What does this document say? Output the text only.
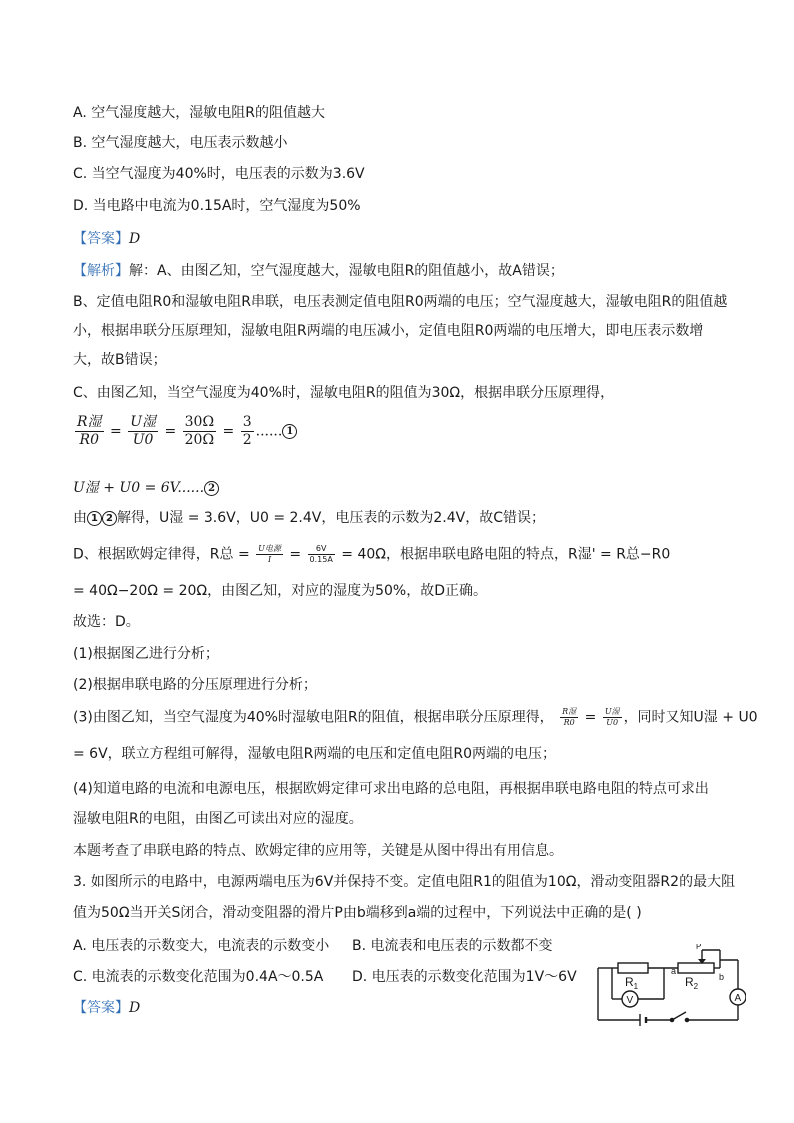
A. 空气湿度越大，湿敏电阻R的阻值越大
B. 空气湿度越大，电压表示数越小
C. 当空气湿度为40%时，电压表的示数为3.6V
D. 当电路中电流为0.15A时，空气湿度为50%
【答案】D
【解析】解：A、由图乙知，空气湿度越大，湿敏电阻R的阻值越小，故A错误；
B、定值电阻R0和湿敏电阻R串联，电压表测定值电阻R0两端的电压；空气湿度越大，湿敏电阻R的阻值越
小，根据串联分压原理知，湿敏电阻R两端的电压减小，定值电阻R0两端的电压增大，即电压表示数增
大，故B错误；
C、由图乙知，当空气湿度为40%时，湿敏电阻R的阻值为30Ω，根据串联分压原理得，
$\frac{\text{R湿}}{R0} = \frac{\text{U湿}}{U0} = \frac{30\Omega}{20\Omega} = \frac{3}{2}$ ...... 1
U湿 + U0 = 6V...... 2
由 1 2 解得，U湿 = 3.6V，U0 = 2.4V，电压表的示数为2.4V，故C错误；
D、根据欧姆定律得，R总 = $\frac{\text{U电源}}{I} = \frac{6V}{0.15A} = 40\Omega$，根据串联电路电阻的特点，R湿' = R总−R0
= 40Ω−20Ω = 20Ω，由图乙知，对应的湿度为50%，故D正确。
故选：D。
(1)根据图乙进行分析；
(2)根据串联电路的分压原理进行分析；
(3)由图乙知，当空气湿度为40%时湿敏电阻R的阻值，根据串联分压原理得， $\frac{\text{R湿}}{R0} = \frac{\text{U湿}}{U0}$ ，同时又知U湿 + U0
= 6V，联立方程组可解得，湿敏电阻R两端的电压和定值电阻R0两端的电压；
(4)知道电路的电流和电源电压，根据欧姆定律可求出电路的总电阻，再根据串联电路电阻的特点可求出
湿敏电阻R的电阻，由图乙可读出对应的湿度。
本题考查了串联电路的特点、欧姆定律的应用等，关键是从图中得出有用信息。
3. 如图所示的电路中，电源两端电压为6V并保持不变。定值电阻R1的阻值为10Ω，滑动变阻器R2的最大阻
值为50Ω当开关S闭合，滑动变阻器的滑片P由b端移到a端的过程中，下列说法中正确的是( )
A. 电压表的示数变大，电流表的示数变小 B. 电流表和电压表的示数都不变
C. 电流表的示数变化范围为0.4A～0.5A D. 电压表的示数变化范围为1V～6V
【答案】D
$R_1$
P
$R_2$
a
b
V	A
